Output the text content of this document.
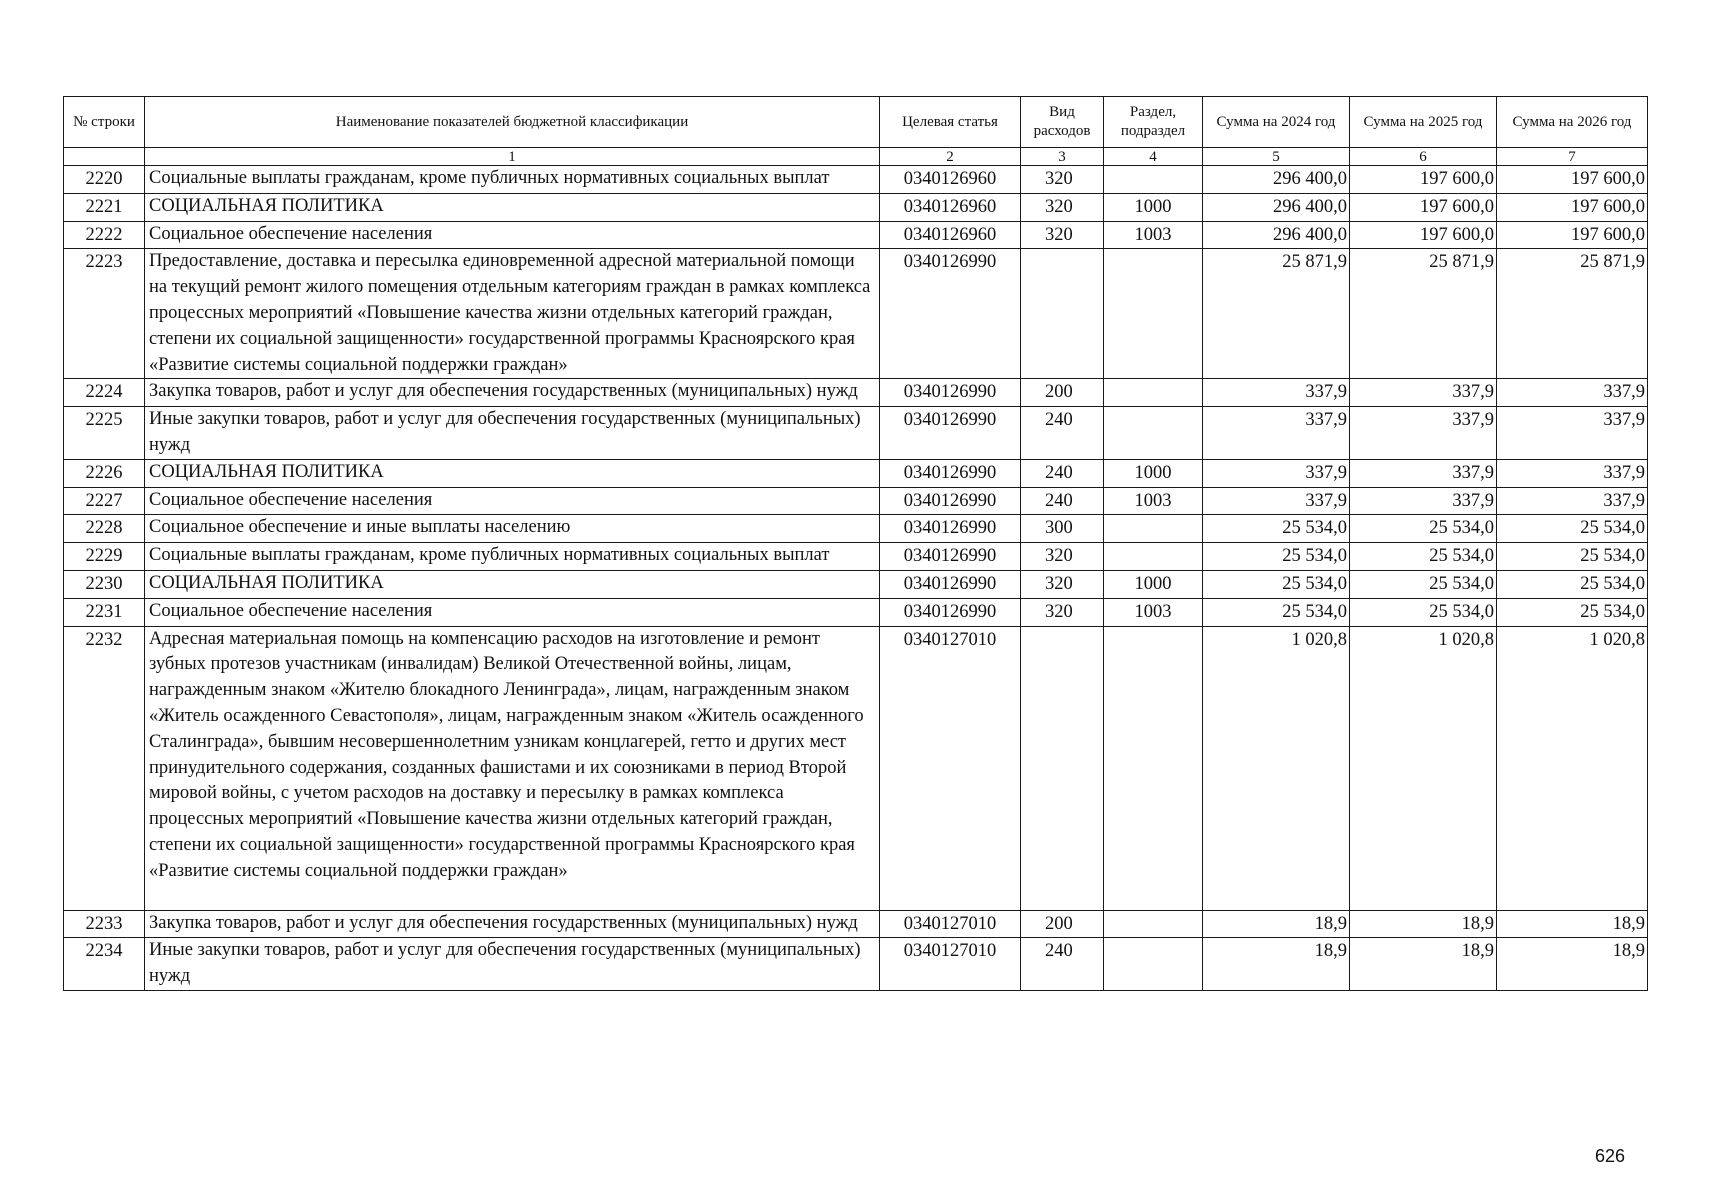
№ строки	Наименование показателей бюджетной классификации	Целевая статья	Вид расходов	Раздел, подраздел	Сумма на 2024 год	Сумма на 2025 год	Сумма на 2026 год
	1	2	3	4	5	6	7
2220	Социальные выплаты гражданам, кроме публичных нормативных социальных выплат	0340126960	320		296 400,0	197 600,0	197 600,0
2221	СОЦИАЛЬНАЯ ПОЛИТИКА	0340126960	320	1000	296 400,0	197 600,0	197 600,0
2222	Социальное обеспечение населения	0340126960	320	1003	296 400,0	197 600,0	197 600,0
2223	Предоставление, доставка и пересылка единовременной адресной материальной помощи на текущий ремонт жилого помещения отдельным категориям граждан в рамках комплекса процессных мероприятий «Повышение качества жизни отдельных категорий граждан, степени их социальной защищенности» государственной программы Красноярского края «Развитие системы социальной поддержки граждан»	0340126990			25 871,9	25 871,9	25 871,9
2224	Закупка товаров, работ и услуг для обеспечения государственных (муниципальных) нужд	0340126990	200		337,9	337,9	337,9
2225	Иные закупки товаров, работ и услуг для обеспечения государственных (муниципальных) нужд	0340126990	240		337,9	337,9	337,9
2226	СОЦИАЛЬНАЯ ПОЛИТИКА	0340126990	240	1000	337,9	337,9	337,9
2227	Социальное обеспечение населения	0340126990	240	1003	337,9	337,9	337,9
2228	Социальное обеспечение и иные выплаты населению	0340126990	300		25 534,0	25 534,0	25 534,0
2229	Социальные выплаты гражданам, кроме публичных нормативных социальных выплат	0340126990	320		25 534,0	25 534,0	25 534,0
2230	СОЦИАЛЬНАЯ ПОЛИТИКА	0340126990	320	1000	25 534,0	25 534,0	25 534,0
2231	Социальное обеспечение населения	0340126990	320	1003	25 534,0	25 534,0	25 534,0
2232	Адресная материальная помощь на компенсацию расходов на изготовление и ремонт зубных протезов участникам (инвалидам) Великой Отечественной войны, лицам, награжденным знаком «Жителю блокадного Ленинграда», лицам, награжденным знаком «Житель осажденного Севастополя», лицам, награжденным знаком «Житель осажденного Сталинграда», бывшим несовершеннолетним узникам концлагерей, гетто и других мест принудительного содержания, созданных фашистами и их союзниками в период Второй мировой войны, с учетом расходов на доставку и пересылку в рамках комплекса процессных мероприятий «Повышение качества жизни отдельных категорий граждан, степени их социальной защищенности» государственной программы Красноярского края «Развитие системы социальной поддержки граждан»	0340127010			1 020,8	1 020,8	1 020,8
2233	Закупка товаров, работ и услуг для обеспечения государственных (муниципальных) нужд	0340127010	200		18,9	18,9	18,9
2234	Иные закупки товаров, работ и услуг для обеспечения государственных (муниципальных) нужд	0340127010	240		18,9	18,9	18,9
626
